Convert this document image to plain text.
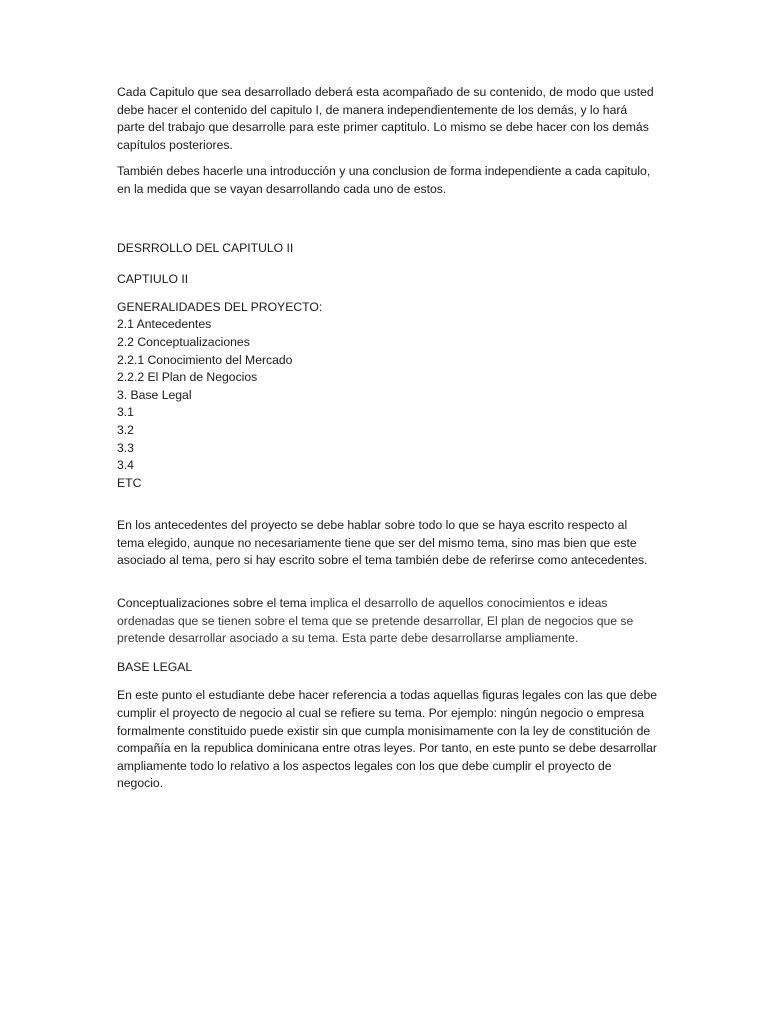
Cada Capitulo que sea desarrollado deberá esta acompañado de su contenido, de modo que usted debe hacer el contenido del capitulo I, de manera independientemente de los demás, y lo hará parte del trabajo que desarrolle para este primer captitulo. Lo mismo se debe hacer con los demás capítulos posteriores.

También debes hacerle una introducción y una conclusion de forma independiente a cada capitulo, en la medida que se vayan desarrollando cada uno de estos.

DESRROLLO DEL CAPITULO II

CAPTIULO II

GENERALIDADES DEL PROYECTO:

2.1 Antecedentes
2.2 Conceptualizaciones
2.2.1 Conocimiento del Mercado
2.2.2 El Plan de Negocios
3. Base Legal
3.1
3.2
3.3
3.4
ETC

En los antecedentes del proyecto se debe hablar sobre todo lo que se haya escrito respecto al tema elegido, aunque no necesariamente tiene que ser del mismo tema, sino mas bien que este asociado al tema, pero si hay escrito sobre el tema también debe de referirse como antecedentes.

Conceptualizaciones sobre el tema implica el desarrollo de aquellos conocimientos e ideas ordenadas que se tienen sobre el tema que se pretende desarrollar, El plan de negocios que se pretende desarrollar asociado a su tema. Esta parte debe desarrollarse ampliamente.

BASE LEGAL

En este punto el estudiante debe hacer referencia a todas aquellas figuras legales con las que debe cumplir el proyecto de negocio al cual se refiere su tema. Por ejemplo: ningún negocio o empresa formalmente constituido puede existir sin que cumpla monisimamente con la ley de constitución de compañía en la republica dominicana entre otras leyes. Por tanto, en este punto se debe desarrollar ampliamente todo lo relativo a los aspectos legales con los que debe cumplir el proyecto de negocio.
